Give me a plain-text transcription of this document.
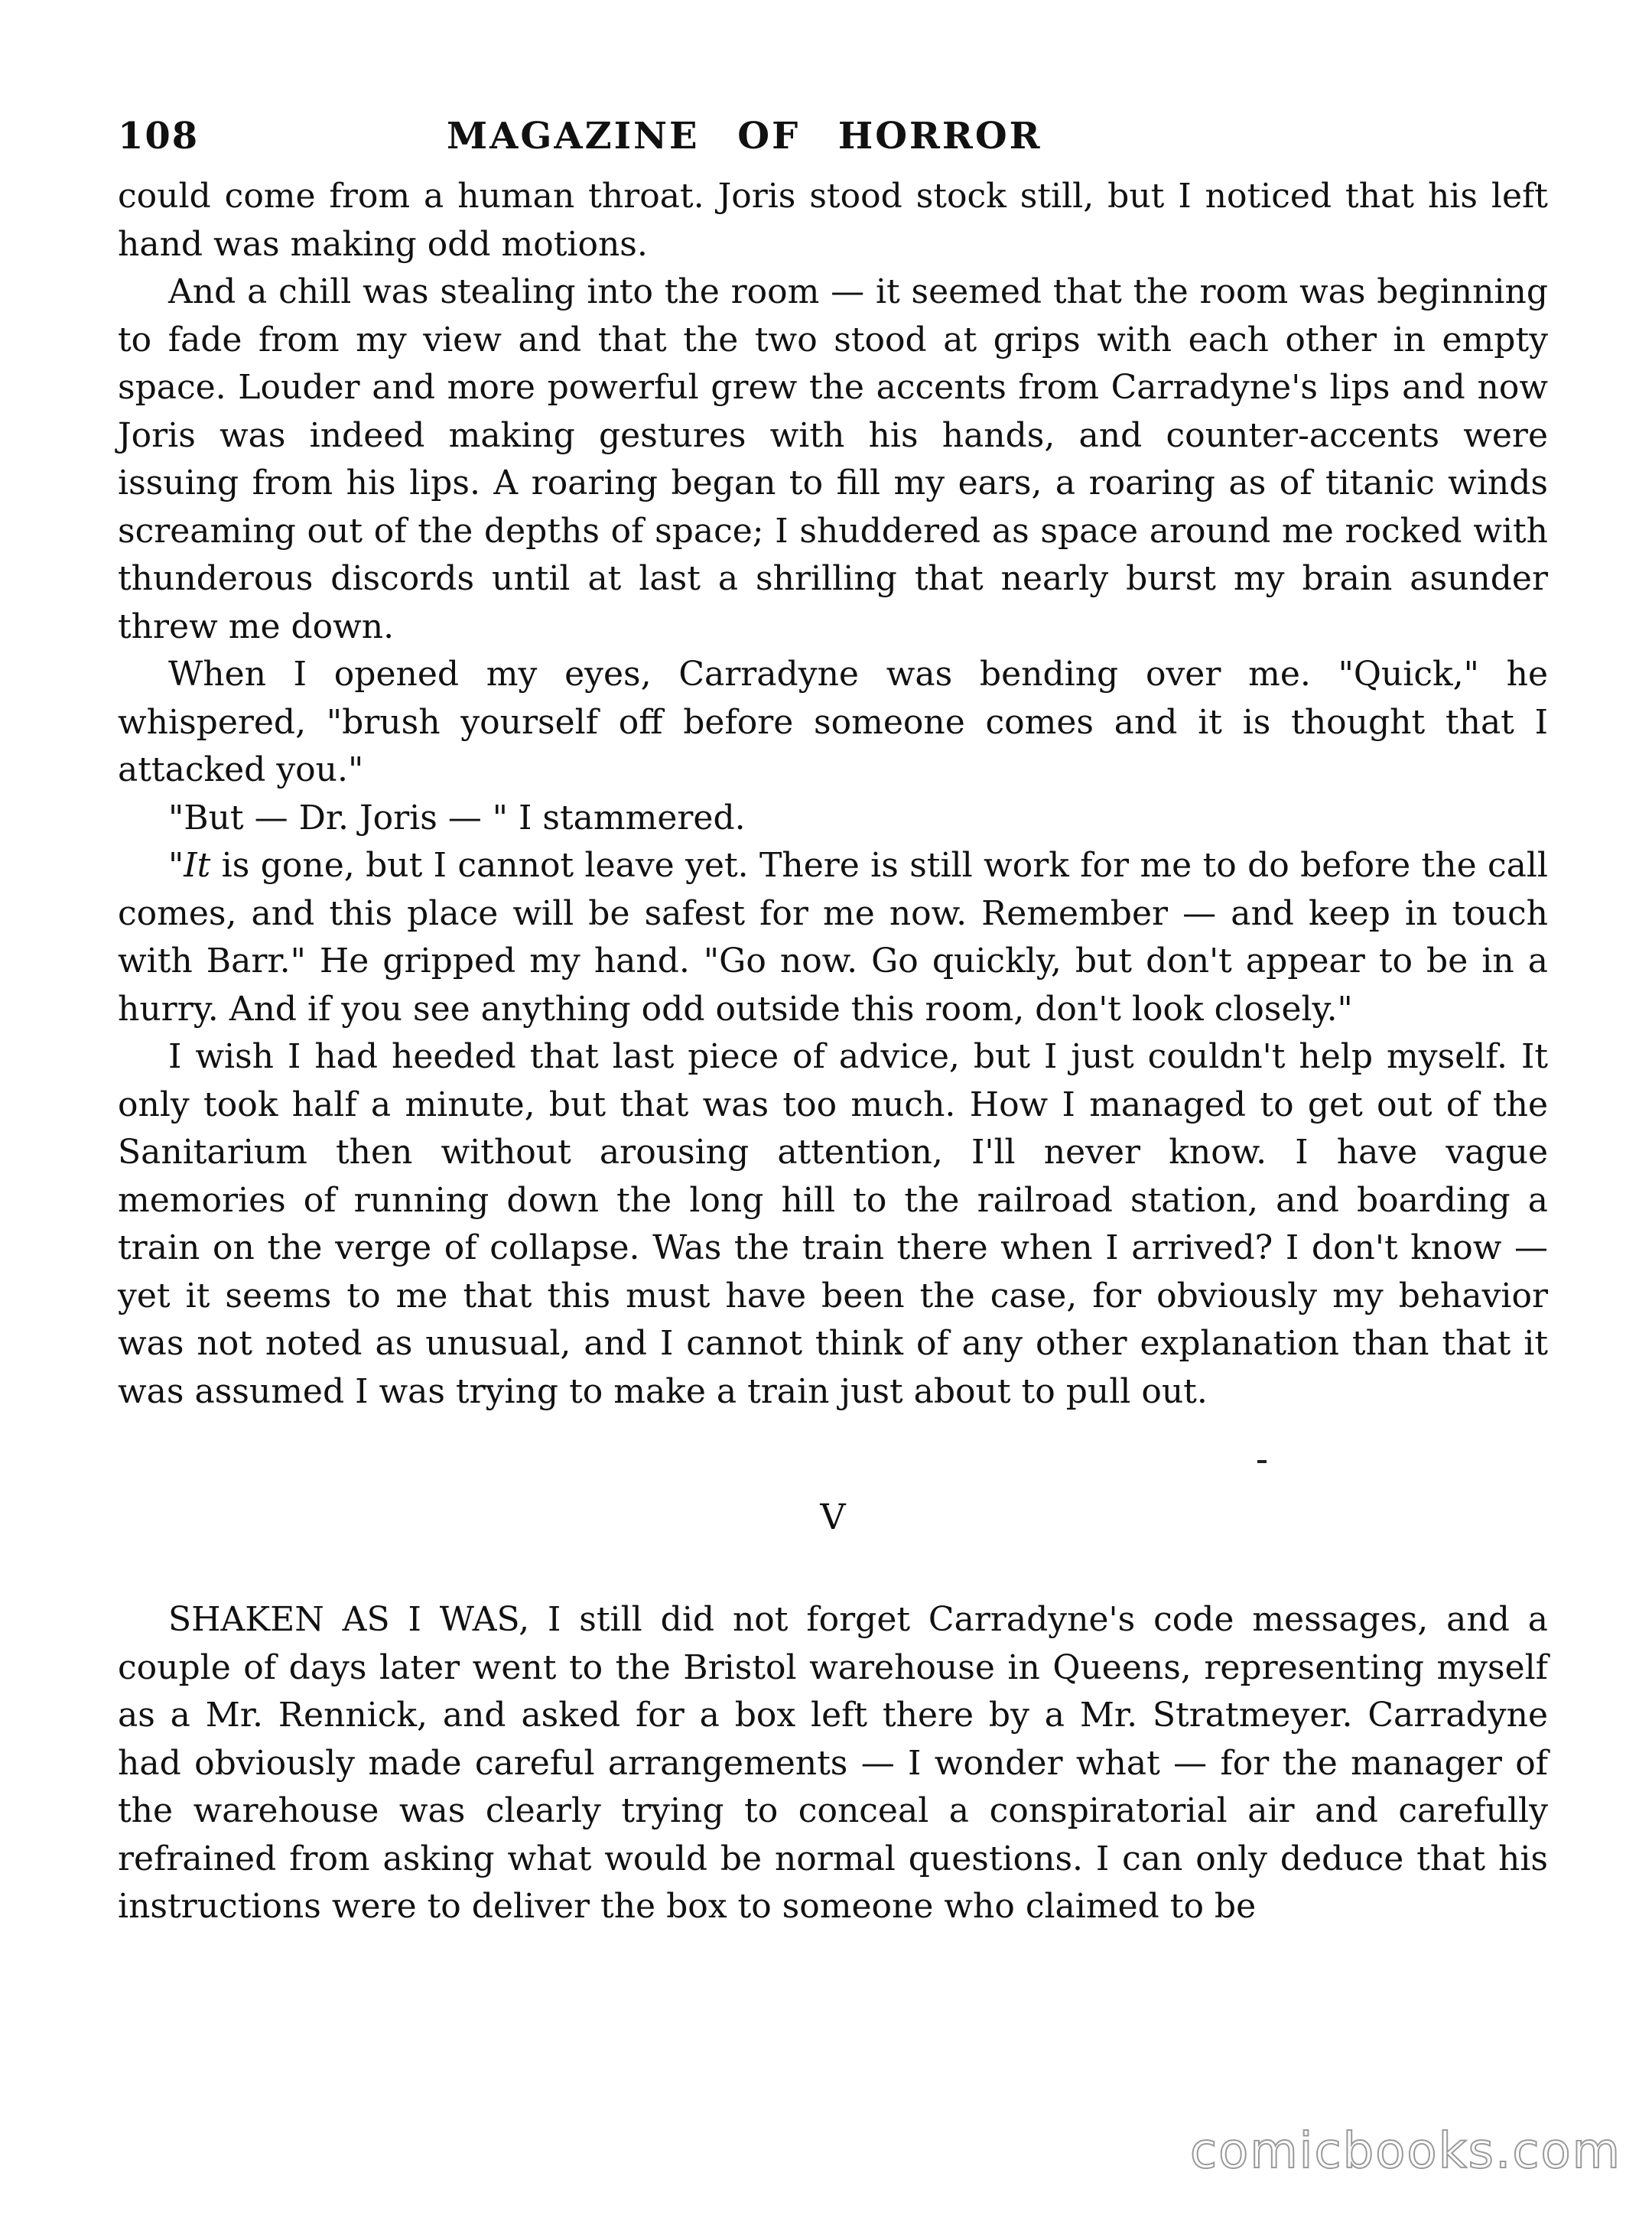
108	MAGAZINE OF HORROR

could come from a human throat. Joris stood stock still, but I noticed that his left hand was making odd motions.

And a chill was stealing into the room — it seemed that the room was beginning to fade from my view and that the two stood at grips with each other in empty space. Louder and more powerful grew the accents from Carradyne's lips and now Joris was indeed making gestures with his hands, and counter-accents were issuing from his lips. A roaring began to fill my ears, a roaring as of titanic winds screaming out of the depths of space; I shuddered as space around me rocked with thunderous discords until at last a shrilling that nearly burst my brain asunder threw me down.

When I opened my eyes, Carradyne was bending over me. "Quick," he whispered, "brush yourself off before someone comes and it is thought that I attacked you."

"But — Dr. Joris — " I stammered.

"It is gone, but I cannot leave yet. There is still work for me to do before the call comes, and this place will be safest for me now. Remember — and keep in touch with Barr." He gripped my hand. "Go now. Go quickly, but don't appear to be in a hurry. And if you see anything odd outside this room, don't look closely."

I wish I had heeded that last piece of advice, but I just couldn't help myself. It only took half a minute, but that was too much. How I managed to get out of the Sanitarium then without arousing attention, I'll never know. I have vague memories of running down the long hill to the railroad station, and boarding a train on the verge of collapse. Was the train there when I arrived? I don't know — yet it seems to me that this must have been the case, for obviously my behavior was not noted as unusual, and I cannot think of any other explanation than that it was assumed I was trying to make a train just about to pull out.

V

SHAKEN AS I WAS, I still did not forget Carradyne's code messages, and a couple of days later went to the Bristol warehouse in Queens, representing myself as a Mr. Rennick, and asked for a box left there by a Mr. Stratmeyer. Carradyne had obviously made careful arrangements — I wonder what — for the manager of the warehouse was clearly trying to conceal a conspiratorial air and carefully refrained from asking what would be normal questions. I can only deduce that his instructions were to deliver the box to someone who claimed to be

comicbooks.com
